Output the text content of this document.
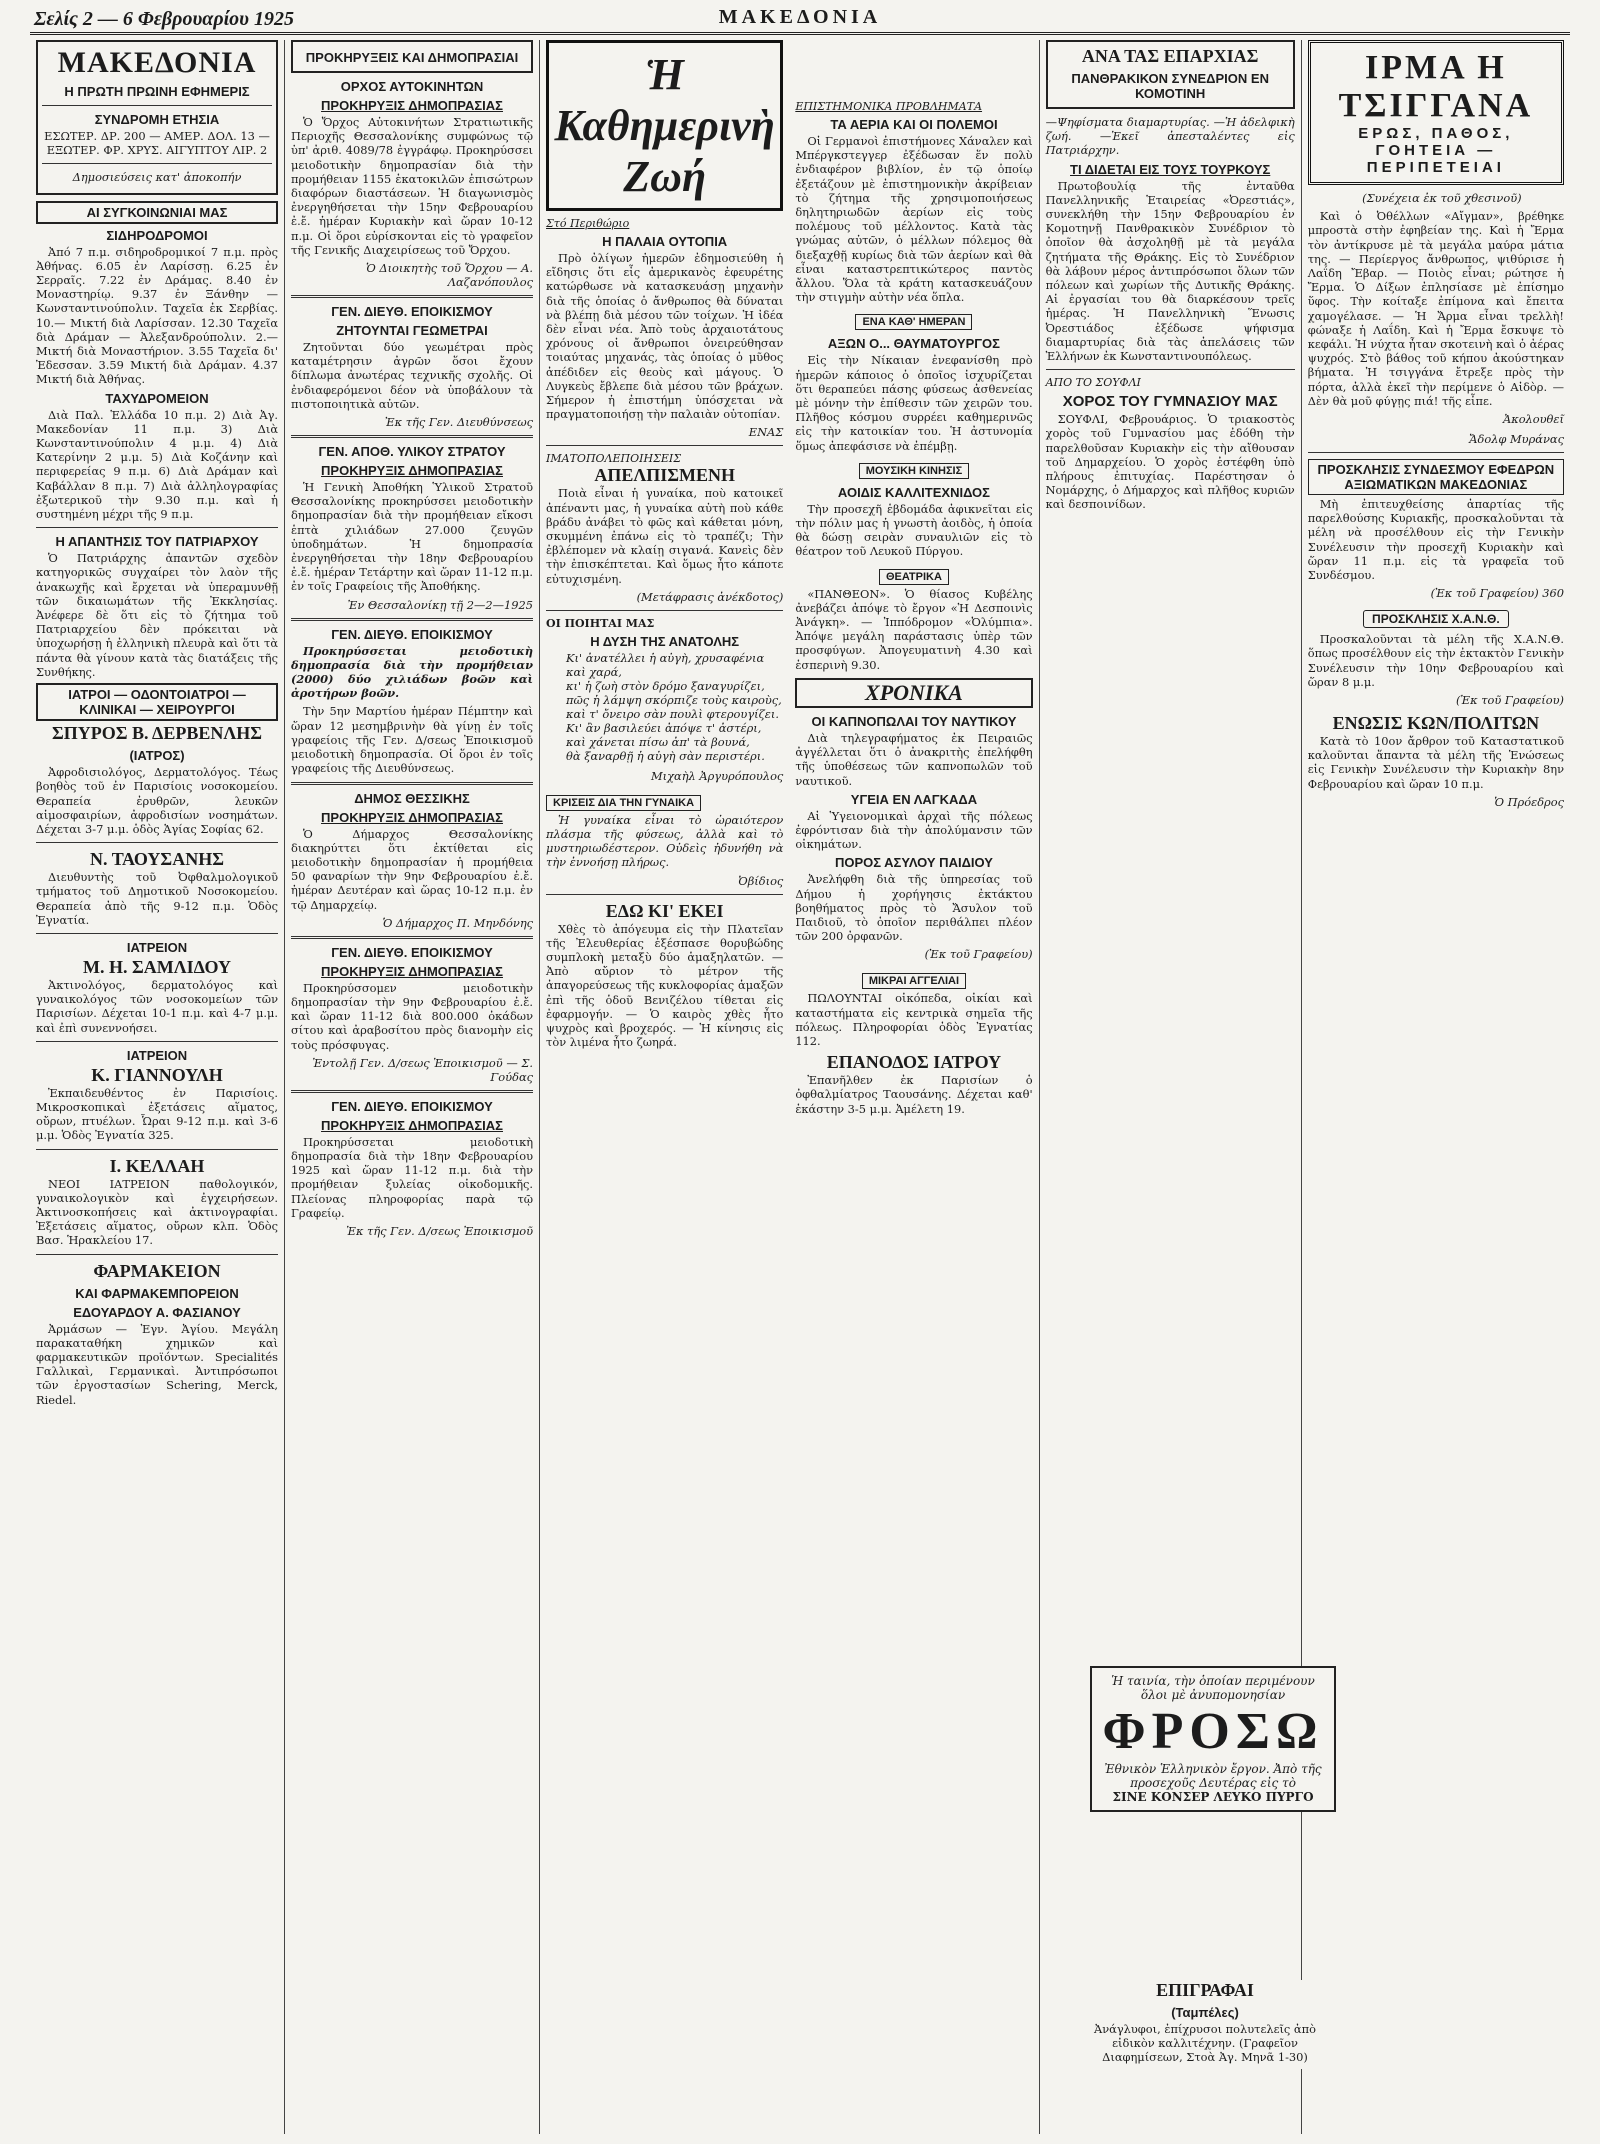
Σελίς 2 — 6 Φεβρουαρίου 1925	ΜΑΚΕΔΟΝΙΑ
ΜΑΚΕΔΟΝΙΑ
Η ΠΡΩΤΗ ΠΡΩΙΝΗ ΕΦΗΜΕΡΙΣ
ΣΥΝΔΡΟΜΗ ΕΤΗΣΙΑ

ΕΣΩΤΕΡ. ΔΡ. 200 — ΑΜΕΡ. ΔΟΛ. 13 — ΕΞΩΤΕΡ. ΦΡ. ΧΡΥΣ. ΑΙΓΥΠΤΟΥ ΛΙΡ. 2

Δημοσιεύσεις κατ' ἀποκοπήν

ΑΙ ΣΥΓΚΟΙΝΩΝΙΑΙ ΜΑΣ
ΣΙΔΗΡΟΔΡΟΜΟΙ

Ἀπό 7 π.μ. σιδηροδρομικοί 7 π.μ. πρὸς Ἀθήνας. 6.05 ἐν Λαρίσσῃ. 6.25 ἐν Σερραῖς. 7.22 ἐν Δράμας. 8.40 ἐν Μοναστηρίῳ. 9.37 ἐν Ξάνθην — Κωνσταντινούπολιν. Ταχεῖα ἐκ Σερβίας. 10.— Μικτή διὰ Λαρίσσαν. 12.30 Ταχεῖα διὰ Δράμαν — Ἀλεξανδρούπολιν. 2.— Μικτή διὰ Μοναστήριον. 3.55 Ταχεῖα δι' Ἐδεσσαν. 3.59 Μικτή διὰ Δράμαν. 4.37 Μικτή διὰ Ἀθήνας.

ΤΑΧΥΔΡΟΜΕΙΟΝ

Διὰ Παλ. Ἑλλάδα 10 π.μ. 2) Διὰ Ἀγ. Μακεδονίαν 11 π.μ. 3) Διὰ Κωνσταντινούπολιν 4 μ.μ. 4) Διὰ Κατερίνην 2 μ.μ. 5) Διὰ Κοζάνην καὶ περιφερείας 9 π.μ. 6) Διὰ Δράμαν καὶ Καβάλλαν 8 π.μ. 7) Διὰ ἀλληλογραφίας ἐξωτερικοῦ τὴν 9.30 π.μ. καὶ ἡ συστημένη μέχρι τῆς 9 π.μ.

Η ΑΠΑΝΤΗΣΙΣ ΤΟΥ ΠΑΤΡΙΑΡΧΟΥ

Ὁ Πατριάρχης ἀπαντῶν σχεδὸν κατηγορικῶς συγχαίρει τὸν λαὸν τῆς ἀνακωχῆς καὶ ἔρχεται νὰ ὑπεραμυνθῇ τῶν δικαιωμάτων τῆς Ἐκκλησίας. Ἀνέφερε δὲ ὅτι εἰς τὸ ζήτημα τοῦ Πατριαρχείου δὲν πρόκειται νὰ ὑποχωρήσῃ ἡ ἐλληνικὴ πλευρὰ καὶ ὅτι τὰ πάντα θὰ γίνουν κατὰ τὰς διατάξεις τῆς Συνθήκης.

ΙΑΤΡΟΙ — ΟΔΟΝΤΟΙΑΤΡΟΙ — ΚΛΙΝΙΚΑΙ — ΧΕΙΡΟΥΡΓΟΙ
ΣΠΥΡΟΣ Β. ΔΕΡΒΕΝΛΗΣ
(ΙΑΤΡΟΣ)

Ἀφροδισιολόγος, Δερματολόγος. Τέως βοηθὸς τοῦ ἐν Παρισίοις νοσοκομείου. Θεραπεία ἐρυθρῶν, λευκῶν αἱμοσφαιρίων, ἀφροδισίων νοσημάτων. Δέχεται 3-7 μ.μ. ὁδὸς Ἁγίας Σοφίας 62.

Ν. ΤΑΟΥΣΑΝΗΣ

Διευθυντὴς τοῦ Ὀφθαλμολογικοῦ τμήματος τοῦ Δημοτικοῦ Νοσοκομείου. Θεραπεία ἀπὸ τῆς 9-12 π.μ. Ὁδὸς Ἐγνατία.

ΙΑΤΡΕΙΟΝ
Μ. Η. ΣΑΜΛΙΔΟΥ

Ἀκτινολόγος, δερματολόγος καὶ γυναικολόγος τῶν νοσοκομείων τῶν Παρισίων. Δέχεται 10-1 π.μ. καὶ 4-7 μ.μ. καὶ ἐπὶ συνεννοήσει.

ΙΑΤΡΕΙΟΝ
Κ. ΓΙΑΝΝΟΥΛΗ

Ἐκπαιδευθέντος ἐν Παρισίοις. Μικροσκοπικαὶ ἐξετάσεις αἵματος, οὔρων, πτυέλων. Ὧραι 9-12 π.μ. καὶ 3-6 μ.μ. Ὁδὸς Ἐγνατία 325.

Ι. ΚΕΛΛΑΗ

ΝΕΟΙ ΙΑΤΡΕΙΟΝ παθολογικόν, γυναικολογικὸν καὶ ἐγχειρήσεων. Ἀκτινοσκοπήσεις καὶ ἀκτινογραφίαι. Ἐξετάσεις αἵματος, οὔρων κλπ. Ὁδὸς Βασ. Ἡρακλείου 17.

ΦΑΡΜΑΚΕΙΟΝ
ΚΑΙ ΦΑΡΜΑΚΕΜΠΟΡΕΙΟΝ
ΕΔΟΥΑΡΔΟΥ Α. ΦΑΣΙΑΝΟΥ

Ἀρμάσων — Ἐγν. Ἀγίου. Μεγάλη παρακαταθήκη χημικῶν καὶ φαρμακευτικῶν προϊόντων. Specialités Γαλλικαὶ, Γερμανικαὶ. Ἀντιπρόσωποι τῶν ἐργοστασίων Schering, Merck, Riedel.

ΠΡΟΚΗΡΥΞΕΙΣ ΚΑΙ ΔΗΜΟΠΡΑΣΙΑΙ
ΟΡΧΟΣ ΑΥΤΟΚΙΝΗΤΩΝ
ΠΡΟΚΗΡΥΞΙΣ ΔΗΜΟΠΡΑΣΙΑΣ

Ὁ Ὄρχος Αὐτοκινήτων Στρατιωτικῆς Περιοχῆς Θεσσαλονίκης συμφώνως τῷ ὑπ' ἀριθ. 4089/78 ἐγγράφῳ. Προκηρύσσει μειοδοτικὴν δημοπρασίαν διὰ τὴν προμήθειαν 1155 ἑκατοκιλῶν ἐπισώτρων διαφόρων διαστάσεων. Ἡ διαγωνισμὸς ἐνεργηθήσεται τὴν 15ην Φεβρουαρίου ἐ.ἔ. ἡμέραν Κυριακὴν καὶ ὥραν 10-12 π.μ. Οἱ ὅροι εὑρίσκονται εἰς τὸ γραφεῖον τῆς Γενικῆς Διαχειρίσεως τοῦ Ὄρχου.

Ὁ Διοικητὴς τοῦ Ὄρχου — Α. Λαζανόπουλος

ΓΕΝ. ΔΙΕΥΘ. ΕΠΟΙΚΙΣΜΟΥ
ΖΗΤΟΥΝΤΑΙ ΓΕΩΜΕΤΡΑΙ

Ζητοῦνται δύο γεωμέτραι πρὸς καταμέτρησιν ἀγρῶν ὅσοι ἔχουν δίπλωμα ἀνωτέρας τεχνικῆς σχολῆς. Οἱ ἐνδιαφερόμενοι δέον νὰ ὑποβάλουν τὰ πιστοποιητικὰ αὐτῶν.

Ἐκ τῆς Γεν. Διευθύνσεως

ΓΕΝ. ΑΠΟΘ. ΥΛΙΚΟΥ ΣΤΡΑΤΟΥ
ΠΡΟΚΗΡΥΞΙΣ ΔΗΜΟΠΡΑΣΙΑΣ

Ἡ Γενικὴ Ἀποθήκη Ὑλικοῦ Στρατοῦ Θεσσαλονίκης προκηρύσσει μειοδοτικὴν δημοπρασίαν διὰ τὴν προμήθειαν εἴκοσι ἑπτὰ χιλιάδων 27.000 ζευγῶν ὑποδημάτων. Ἡ δημοπρασία ἐνεργηθήσεται τὴν 18ην Φεβρουαρίου ἐ.ἔ. ἡμέραν Τετάρτην καὶ ὥραν 11-12 π.μ. ἐν τοῖς Γραφείοις τῆς Ἀποθήκης.

Ἐν Θεσσαλονίκῃ τῇ 2—2—1925

ΓΕΝ. ΔΙΕΥΘ. ΕΠΟΙΚΙΣΜΟΥ

Προκηρύσσεται μειοδοτικὴ δημοπρασία διὰ τὴν προμήθειαν (2000) δύο χιλιάδων βοῶν καὶ ἀροτήρων βοῶν.

Τὴν 5ην Μαρτίου ἡμέραν Πέμπτην καὶ ὥραν 12 μεσημβρινὴν θὰ γίνῃ ἐν τοῖς γραφείοις τῆς Γεν. Δ/σεως Ἐποικισμοῦ μειοδοτικὴ δημοπρασία. Οἱ ὅροι ἐν τοῖς γραφείοις τῆς Διευθύνσεως.

ΔΗΜΟΣ ΘΕΣΣΙΚΗΣ
ΠΡΟΚΗΡΥΞΙΣ ΔΗΜΟΠΡΑΣΙΑΣ

Ὁ Δήμαρχος Θεσσαλονίκης διακηρύττει ὅτι ἐκτίθεται εἰς μειοδοτικὴν δημοπρασίαν ἡ προμήθεια 50 φαναρίων τὴν 9ην Φεβρουαρίου ἐ.ἔ. ἡμέραν Δευτέραν καὶ ὥρας 10-12 π.μ. ἐν τῷ Δημαρχείῳ.

Ὁ Δήμαρχος Π. Μηνδόνης

ΓΕΝ. ΔΙΕΥΘ. ΕΠΟΙΚΙΣΜΟΥ
ΠΡΟΚΗΡΥΞΙΣ ΔΗΜΟΠΡΑΣΙΑΣ

Προκηρύσσομεν μειοδοτικὴν δημοπρασίαν τὴν 9ην Φεβρουαρίου ἐ.ἔ. καὶ ὥραν 11-12 διὰ 800.000 ὀκάδων σίτου καὶ ἀραβοσίτου πρὸς διανομὴν εἰς τοὺς πρόσφυγας.

Ἐντολῇ Γεν. Δ/σεως Ἐποικισμοῦ — Σ. Γούδας

ΓΕΝ. ΔΙΕΥΘ. ΕΠΟΙΚΙΣΜΟΥ
ΠΡΟΚΗΡΥΞΙΣ ΔΗΜΟΠΡΑΣΙΑΣ

Προκηρύσσεται μειοδοτικὴ δημοπρασία διὰ τὴν 18ην Φεβρουαρίου 1925 καὶ ὥραν 11-12 π.μ. διὰ τὴν προμήθειαν ξυλείας οἰκοδομικῆς. Πλείονας πληροφορίας παρὰ τῷ Γραφείῳ.

Ἐκ τῆς Γεν. Δ/σεως Ἐποικισμοῦ

Ἡ Καθημερινὴ Ζωή
Στό Περιθώριο
Η ΠΑΛΑΙΑ ΟΥΤΟΠΙΑ

Πρὸ ὀλίγων ἡμερῶν ἐδημοσιεύθη ἡ εἴδησις ὅτι εἷς ἀμερικανὸς ἐφευρέτης κατώρθωσε νὰ κατασκευάσῃ μηχανὴν διὰ τῆς ὁποίας ὁ ἄνθρωπος θὰ δύναται νὰ βλέπῃ διὰ μέσου τῶν τοίχων. Ἡ ἰδέα δὲν εἶναι νέα. Ἀπὸ τοὺς ἀρχαιοτάτους χρόνους οἱ ἄνθρωποι ὀνειρεύθησαν τοιαύτας μηχανάς, τὰς ὁποίας ὁ μῦθος ἀπέδιδεν εἰς θεοὺς καὶ μάγους. Ὁ Λυγκεὺς ἔβλεπε διὰ μέσου τῶν βράχων. Σήμερον ἡ ἐπιστήμη ὑπόσχεται νὰ πραγματοποιήσῃ τὴν παλαιὰν οὐτοπίαν.

ΕΝΑΣ

ΙΜΑΤΟΠΟΛΕΠΟΙΗΣΕΙΣ
ΑΠΕΛΠΙΣΜΕΝΗ

Ποιὰ εἶναι ἡ γυναίκα, ποὺ κατοικεῖ ἀπέναντι μας, ἡ γυναίκα αὐτὴ ποὺ κάθε βράδυ ἀνάβει τὸ φῶς καὶ κάθεται μόνη, σκυμμένη ἐπάνω εἰς τὸ τραπέζι; Τὴν ἐβλέπομεν νὰ κλαίῃ σιγανά. Κανεὶς δὲν τὴν ἐπισκέπτεται. Καὶ ὅμως ἦτο κάποτε εὐτυχισμένη.

(Μετάφρασις ἀνέκδοτος)

ΟΙ ΠΟΙΗΤΑΙ ΜΑΣ
Η ΔΥΣΗ ΤΗΣ ΑΝΑΤΟΛΗΣ
Κι' ἀνατέλλει ἡ αὐγὴ, χρυσαφένια καὶ χαρά,
κι' ἡ ζωὴ στὸν δρόμο ξαναγυρίζει,
πῶς ἡ λάμψη σκόρπιζε τοὺς καιροὺς,
καὶ τ' ὄνειρο σὰν πουλὶ φτερουγίζει.
Κι' ἂν βασιλεύει ἀπόψε τ' ἀστέρι,
καὶ χάνεται πίσω ἀπ' τὰ βουνά,
θὰ ξαναρθῇ ἡ αὐγὴ σὰν περιστέρι.

Μιχαὴλ Ἀργυρόπουλος

ΚΡΙΣΕΙΣ ΔΙΑ ΤΗΝ ΓΥΝΑΙΚΑ

Ἡ γυναίκα εἶναι τὸ ὡραιότερον πλάσμα τῆς φύσεως, ἀλλὰ καὶ τὸ μυστηριωδέστερον. Οὐδεὶς ἠδυνήθη νὰ τὴν ἐννοήσῃ πλήρως.

Ὀβίδιος

ΕΔΩ ΚΙ' ΕΚΕΙ

Χθὲς τὸ ἀπόγευμα εἰς τὴν Πλατεῖαν τῆς Ἐλευθερίας ἐξέσπασε θορυβώδης συμπλοκὴ μεταξὺ δύο ἁμαξηλατῶν. — Ἀπὸ αὔριον τὸ μέτρον τῆς ἀπαγορεύσεως τῆς κυκλοφορίας ἁμαξῶν ἐπὶ τῆς ὁδοῦ Βενιζέλου τίθεται εἰς ἐφαρμογήν. — Ὁ καιρὸς χθὲς ἦτο ψυχρὸς καὶ βροχερός. — Ἡ κίνησις εἰς τὸν λιμένα ἦτο ζωηρά.

ΕΠΙΣΤΗΜΟΝΙΚΑ ΠΡΟΒΛΗΜΑΤΑ
ΤΑ ΑΕΡΙΑ ΚΑΙ ΟΙ ΠΟΛΕΜΟΙ

Οἱ Γερμανοὶ ἐπιστήμονες Χάναλεν καὶ Μπέργκστεγγερ ἐξέδωσαν ἕν πολὺ ἐνδιαφέρον βιβλίον, ἐν τῷ ὁποίῳ ἐξετάζουν μὲ ἐπιστημονικὴν ἀκρίβειαν τὸ ζήτημα τῆς χρησιμοποιήσεως δηλητηριωδῶν ἀερίων εἰς τοὺς πολέμους τοῦ μέλλοντος. Κατὰ τὰς γνώμας αὐτῶν, ὁ μέλλων πόλεμος θὰ διεξαχθῇ κυρίως διὰ τῶν ἀερίων καὶ θὰ εἶναι καταστρεπτικώτερος παντὸς ἄλλου. Ὅλα τὰ κράτη κατασκευάζουν τὴν στιγμὴν αὐτὴν νέα ὅπλα.

ΕΝΑ ΚΑΘ' ΗΜΕΡΑΝ
ΑΞΩΝ Ο... ΘΑΥΜΑΤΟΥΡΓΟΣ

Εἰς τὴν Νίκαιαν ἐνεφανίσθη πρὸ ἡμερῶν κάποιος ὁ ὁποῖος ἰσχυρίζεται ὅτι θεραπεύει πάσης φύσεως ἀσθενείας μὲ μόνην τὴν ἐπίθεσιν τῶν χειρῶν του. Πλῆθος κόσμου συρρέει καθημερινῶς εἰς τὴν κατοικίαν του. Ἡ ἀστυνομία ὅμως ἀπεφάσισε νὰ ἐπέμβῃ.

ΜΟΥΣΙΚΗ ΚΙΝΗΣΙΣ
ΑΟΙΔΙΣ ΚΑΛΛΙΤΕΧΝΙΔΟΣ

Τὴν προσεχῆ ἑβδομάδα ἀφικνεῖται εἰς τὴν πόλιν μας ἡ γνωστὴ ἀοιδὸς, ἡ ὁποία θὰ δώσῃ σειρὰν συναυλιῶν εἰς τὸ θέατρον τοῦ Λευκοῦ Πύργου.

ΘΕΑΤΡΙΚΑ

«ΠΑΝΘΕΟΝ». Ὁ θίασος Κυβέλης ἀνεβάζει ἀπόψε τὸ ἔργον «Ἡ Δεσποινὶς Ἀνάγκη». — Ἱππόδρομον «Ὀλύμπια». Ἀπόψε μεγάλη παράστασις ὑπὲρ τῶν προσφύγων. Ἀπογευματινὴ 4.30 καὶ ἑσπερινὴ 9.30.

ΧΡΟΝΙΚΑ
ΟΙ ΚΑΠΝΟΠΩΛΑΙ ΤΟΥ ΝΑΥΤΙΚΟΥ

Διὰ τηλεγραφήματος ἐκ Πειραιῶς ἀγγέλλεται ὅτι ὁ ἀνακριτὴς ἐπελήφθη τῆς ὑποθέσεως τῶν καπνοπωλῶν τοῦ ναυτικοῦ.

ΥΓΕΙΑ ΕΝ ΛΑΓΚΑΔΑ

Αἱ Ὑγειονομικαὶ ἀρχαὶ τῆς πόλεως ἐφρόντισαν διὰ τὴν ἀπολύμανσιν τῶν οἰκημάτων.

ΠΟΡΟΣ ΑΣΥΛΟΥ ΠΑΙΔΙΟΥ

Ἀνελήφθη διὰ τῆς ὑπηρεσίας τοῦ Δήμου ἡ χορήγησις ἐκτάκτου βοηθήματος πρὸς τὸ Ἄσυλον τοῦ Παιδιοῦ, τὸ ὁποῖον περιθάλπει πλέον τῶν 200 ὀρφανῶν.

(Ἐκ τοῦ Γραφείου)

ΜΙΚΡΑΙ ΑΓΓΕΛΙΑΙ

ΠΩΛΟΥΝΤΑΙ οἰκόπεδα, οἰκίαι καὶ καταστήματα εἰς κεντρικὰ σημεῖα τῆς πόλεως. Πληροφορίαι ὁδὸς Ἐγνατίας 112.

ΕΠΑΝΟΔΟΣ ΙΑΤΡΟΥ

Ἐπανῆλθεν ἐκ Παρισίων ὁ ὀφθαλμίατρος Ταουσάνης. Δέχεται καθ' ἑκάστην 3-5 μ.μ. Ἀμέλετη 19.

ΑΝΑ ΤΑΣ ΕΠΑΡΧΙΑΣ
ΠΑΝΘΡΑΚΙΚΟΝ ΣΥΝΕΔΡΙΟΝ ΕΝ ΚΟΜΟΤΙΝΗ

—Ψηφίσματα διαμαρτυρίας. —Ἡ ἀδελφικὴ ζωή. —Ἐκεῖ ἀπεσταλέντες εἰς Πατριάρχην.

ΤΙ ΔΙΔΕΤΑΙ ΕΙΣ ΤΟΥΣ ΤΟΥΡΚΟΥΣ

Πρωτοβουλίᾳ τῆς ἐνταῦθα Πανελληνικῆς Ἑταιρείας «Ὀρεστιάς», συνεκλήθη τὴν 15ην Φεβρουαρίου ἐν Κομοτηνῇ Πανθρακικὸν Συνέδριον τὸ ὁποῖον θὰ ἀσχοληθῇ μὲ τὰ μεγάλα ζητήματα τῆς Θράκης. Εἰς τὸ Συνέδριον θὰ λάβουν μέρος ἀντιπρόσωποι ὅλων τῶν πόλεων καὶ χωρίων τῆς Δυτικῆς Θράκης. Αἱ ἐργασίαι του θὰ διαρκέσουν τρεῖς ἡμέρας. Ἡ Πανελληνικὴ Ἕνωσις Ὀρεστιάδος ἐξέδωσε ψήφισμα διαμαρτυρίας διὰ τὰς ἀπελάσεις τῶν Ἑλλήνων ἐκ Κωνσταντινουπόλεως.

ΑΠΟ ΤΟ ΣΟΥΦΛΙ
ΧΟΡΟΣ ΤΟΥ ΓΥΜΝΑΣΙΟΥ ΜΑΣ

ΣΟΥΦΛΙ, Φεβρουάριος. Ὁ τριακοστὸς χορὸς τοῦ Γυμνασίου μας ἐδόθη τὴν παρελθοῦσαν Κυριακὴν εἰς τὴν αἴθουσαν τοῦ Δημαρχείου. Ὁ χορὸς ἐστέφθη ὑπὸ πλήρους ἐπιτυχίας. Παρέστησαν ὁ Νομάρχης, ὁ Δήμαρχος καὶ πλῆθος κυριῶν καὶ δεσποινίδων.

ΙΡΜΑ Η ΤΣΙΓΓΑΝΑ
ΕΡΩΣ, ΠΑΘΟΣ, ΓΟΗΤΕΙΑ — ΠΕΡΙΠΕΤΕΙΑΙ

(Συνέχεια ἐκ τοῦ χθεσινοῦ)

Καὶ ὁ Ὀθέλλων «Αἴγμαν», βρέθηκε μπροστὰ στὴν ἐφηβείαν της. Καὶ ἡ Ἔρμα τὸν ἀντίκρυσε μὲ τὰ μεγάλα μαύρα μάτια της. — Περίεργος ἄνθρωπος, ψιθύρισε ἡ Λαΐδη Ἔβαρ. — Ποιὸς εἶναι; ρώτησε ἡ Ἔρμα. Ὁ Δίξων ἐπλησίασε μὲ ἐπίσημο ὕφος. Τὴν κοίταξε ἐπίμονα καὶ ἔπειτα χαμογέλασε. — Ἡ Ἄρμα εἶναι τρελλὴ! φώναξε ἡ Λαΐδη. Καὶ ἡ Ἔρμα ἔσκυψε τὸ κεφάλι. Ἡ νύχτα ἦταν σκοτεινὴ καὶ ὁ ἀέρας ψυχρός. Στὸ βάθος τοῦ κήπου ἀκούστηκαν βήματα. Ἡ τσιγγάνα ἔτρεξε πρὸς τὴν πόρτα, ἀλλὰ ἐκεῖ τὴν περίμενε ὁ Αἰδὸρ. — Δὲν θὰ μοῦ φύγῃς πιά! τῆς εἶπε.

Ἀκολουθεῖ

Ἄδολφ Μυράνας

ΠΡΟΣΚΛΗΣΙΣ ΣΥΝΔΕΣΜΟΥ ΕΦΕΔΡΩΝ ΑΞΙΩΜΑΤΙΚΩΝ ΜΑΚΕΔΟΝΙΑΣ

Μὴ ἐπιτευχθείσης ἀπαρτίας τῆς παρελθούσης Κυριακῆς, προσκαλοῦνται τὰ μέλη νὰ προσέλθουν εἰς τὴν Γενικὴν Συνέλευσιν τὴν προσεχῆ Κυριακὴν καὶ ὥραν 11 π.μ. εἰς τὰ γραφεῖα τοῦ Συνδέσμου.

(Ἐκ τοῦ Γραφείου) 360

ΠΡΟΣΚΛΗΣΙΣ Χ.Α.Ν.Θ.

Προσκαλοῦνται τὰ μέλη τῆς Χ.Α.Ν.Θ. ὅπως προσέλθουν εἰς τὴν ἐκτακτὸν Γενικὴν Συνέλευσιν τὴν 10ην Φεβρουαρίου καὶ ὥραν 8 μ.μ.

(Ἐκ τοῦ Γραφείου)

ΕΝΩΣΙΣ ΚΩΝ/ΠΟΛΙΤΩΝ

Κατὰ τὸ 10ον ἄρθρον τοῦ Καταστατικοῦ καλοῦνται ἅπαντα τὰ μέλη τῆς Ἑνώσεως εἰς Γενικὴν Συνέλευσιν τὴν Κυριακὴν 8ην Φεβρουαρίου καὶ ὥραν 10 π.μ.

Ὁ Πρόεδρος

Ἡ ταινία, τὴν ὁποίαν περιμένουν ὅλοι μὲ ἀνυπομονησίαν
ΦΡΟΣΩ
Ἐθνικὸν Ἑλληνικὸν ἔργον. Ἀπὸ τῆς προσεχοῦς Δευτέρας εἰς τὸ
ΣΙΝΕ ΚΟΝΣΕΡ ΛΕΥΚΟ ΠΥΡΓΟ
ΕΠΙΓΡΑΦΑΙ
(Ταμπέλες)

Ἀνάγλυφοι, ἐπίχρυσοι πολυτελεῖς ἀπὸ εἰδικὸν καλλιτέχνην. (Γραφεῖον Διαφημίσεων, Στοὰ Ἀγ. Μηνᾶ 1-30)
